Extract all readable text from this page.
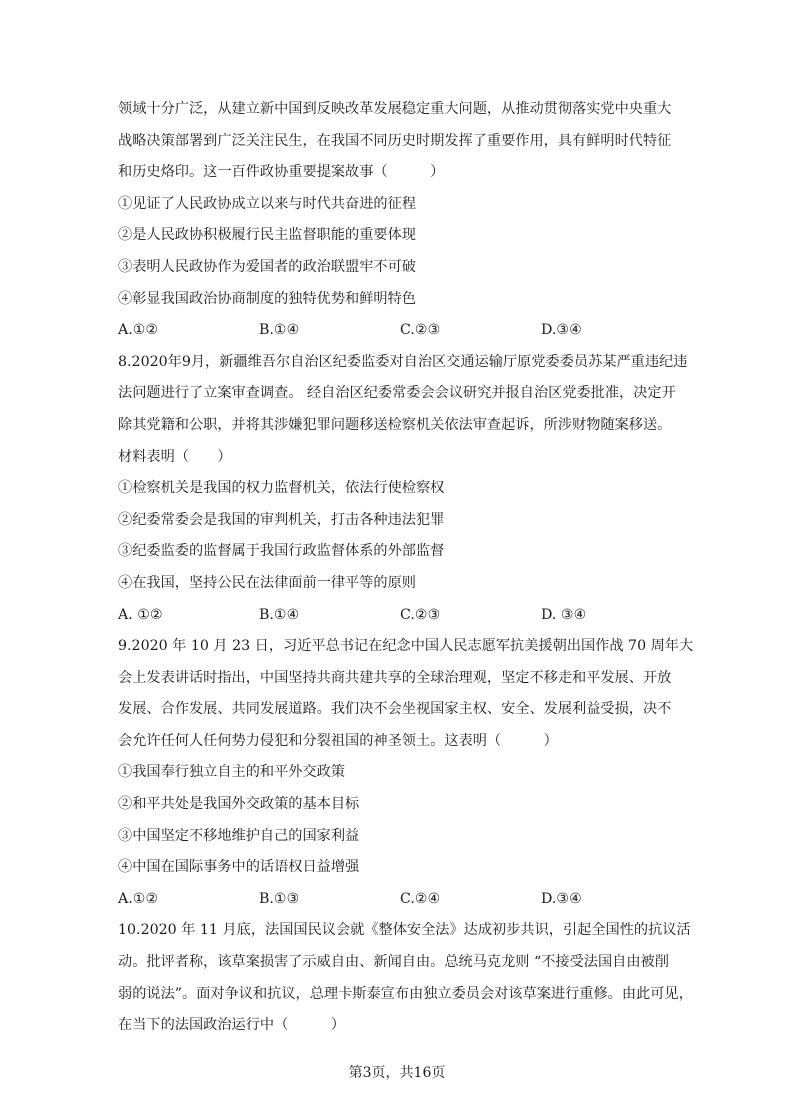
领域十分广泛，从建立新中国到反映改革发展稳定重大问题，从推动贯彻落实党中央重大
战略决策部署到广泛关注民生，在我国不同历史时期发挥了重要作用，具有鲜明时代特征
和历史烙印。这一百件政协重要提案故事（　　　）
①见证了人民政协成立以来与时代共奋进的征程
②是人民政协积极履行民主监督职能的重要体现
③表明人民政协作为爱国者的政治联盟牢不可破
④彰显我国政治协商制度的独特优势和鲜明特色
A.①②	B.①④	C.②③	D.③④
8.2020年9月，新疆维吾尔自治区纪委监委对自治区交通运输厅原党委委员苏某严重违纪违
法问题进行了立案审查调查。 经自治区纪委常委会会议研究并报自治区党委批准，决定开
除其党籍和公职，并将其涉嫌犯罪问题移送检察机关依法审查起诉，所涉财物随案移送。
材料表明（　　）
①检察机关是我国的权力监督机关，依法行使检察权
②纪委常委会是我国的审判机关，打击各种违法犯罪
③纪委监委的监督属于我国行政监督体系的外部监督
④在我国，坚持公民在法律面前一律平等的原则
A. ①②	B.①④	C.②③	D. ③④
9.2020 年 10 月 23 日，习近平总书记在纪念中国人民志愿军抗美援朝出国作战 70 周年大
会上发表讲话时指出，中国坚持共商共建共享的全球治理观，坚定不移走和平发展、开放
发展、合作发展、共同发展道路。我们决不会坐视国家主权、安全、发展利益受损，决不
会允许任何人任何势力侵犯和分裂祖国的神圣领土。这表明（　　　）
①我国奉行独立自主的和平外交政策
②和平共处是我国外交政策的基本目标
③中国坚定不移地维护自己的国家利益
④中国在国际事务中的话语权日益增强
A.①②	B.①③	C.②④	D.③④
10.2020 年 11 月底，法国国民议会就《整体安全法》达成初步共识，引起全国性的抗议活
动。批评者称，该草案损害了示威自由、新闻自由。总统马克龙则 “不接受法国自由被削
弱的说法”。面对争议和抗议，总理卡斯泰宣布由独立委员会对该草案进行重修。由此可见，
在当下的法国政治运行中（　　　）
第3页，共16页
